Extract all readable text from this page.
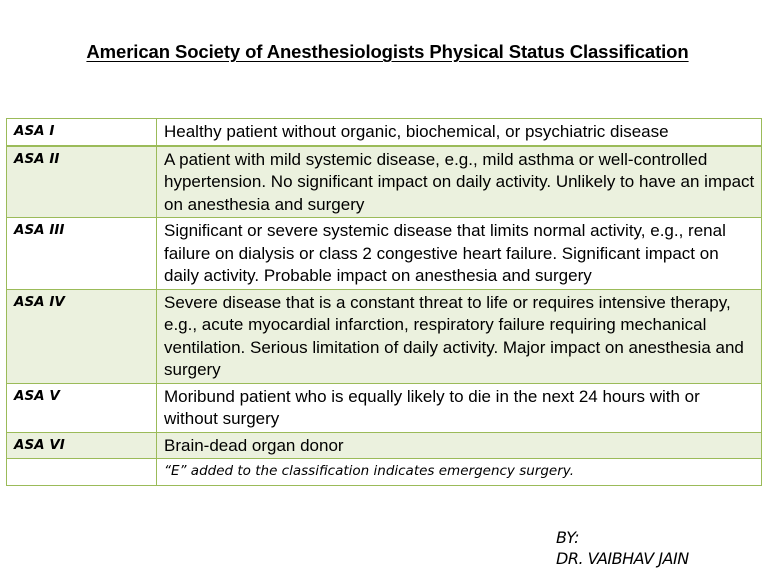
American Society of Anesthesiologists Physical Status Classification
ASA I	Healthy patient without organic, biochemical, or psychiatric disease
ASA II	A patient with mild systemic disease, e.g., mild asthma or well-controlled hypertension. No significant impact on daily activity. Unlikely to have an impact on anesthesia and surgery
ASA III	Significant or severe systemic disease that limits normal activity, e.g., renal failure on dialysis or class 2 congestive heart failure. Significant impact on daily activity. Probable impact on anesthesia and surgery
ASA IV	Severe disease that is a constant threat to life or requires intensive therapy, e.g., acute myocardial infarction, respiratory failure requiring mechanical ventilation. Serious limitation of daily activity. Major impact on anesthesia and surgery
ASA V	Moribund patient who is equally likely to die in the next 24 hours with or without surgery
ASA VI	Brain-dead organ donor
	“E” added to the classification indicates emergency surgery.
BY:
DR. VAIBHAV JAIN
